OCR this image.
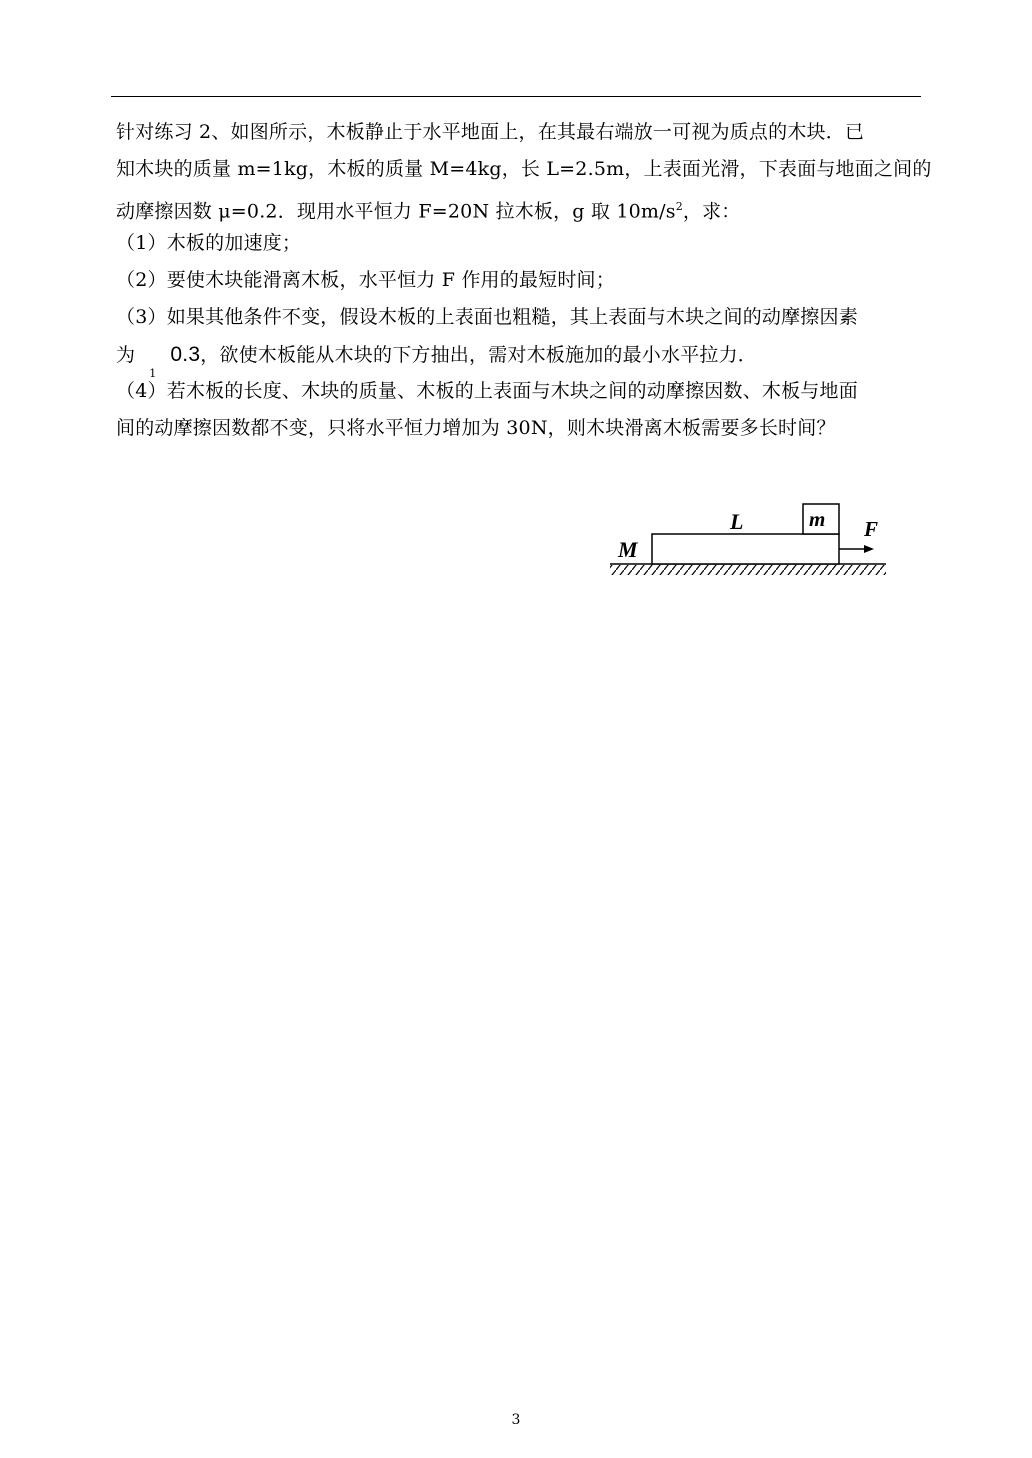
针对练习 2、如图所示，木板静止于水平地面上，在其最右端放一可视为质点的木块．已
知木块的质量 m=1kg，木板的质量 M=4kg，长 L=2.5m，上表面光滑，下表面与地面之间的
动摩擦因数 μ=0.2．现用水平恒力 F=20N 拉木板，g 取 $10m/s^2$，求：
（1）木板的加速度；
（2）要使木块能滑离木板，水平恒力 F 作用的最短时间；
（3）如果其他条件不变，假设木板的上表面也粗糙，其上表面与木块之间的动摩擦因素
为$_1$0.3，欲使木板能从木块的下方抽出，需对木板施加的最小水平拉力．
（4）若木板的长度、木块的质量、木板的上表面与木块之间的动摩擦因数、木板与地面
间的动摩擦因数都不变，只将水平恒力增加为 30N，则木块滑离木板需要多长时间？
M
L	m F
3
